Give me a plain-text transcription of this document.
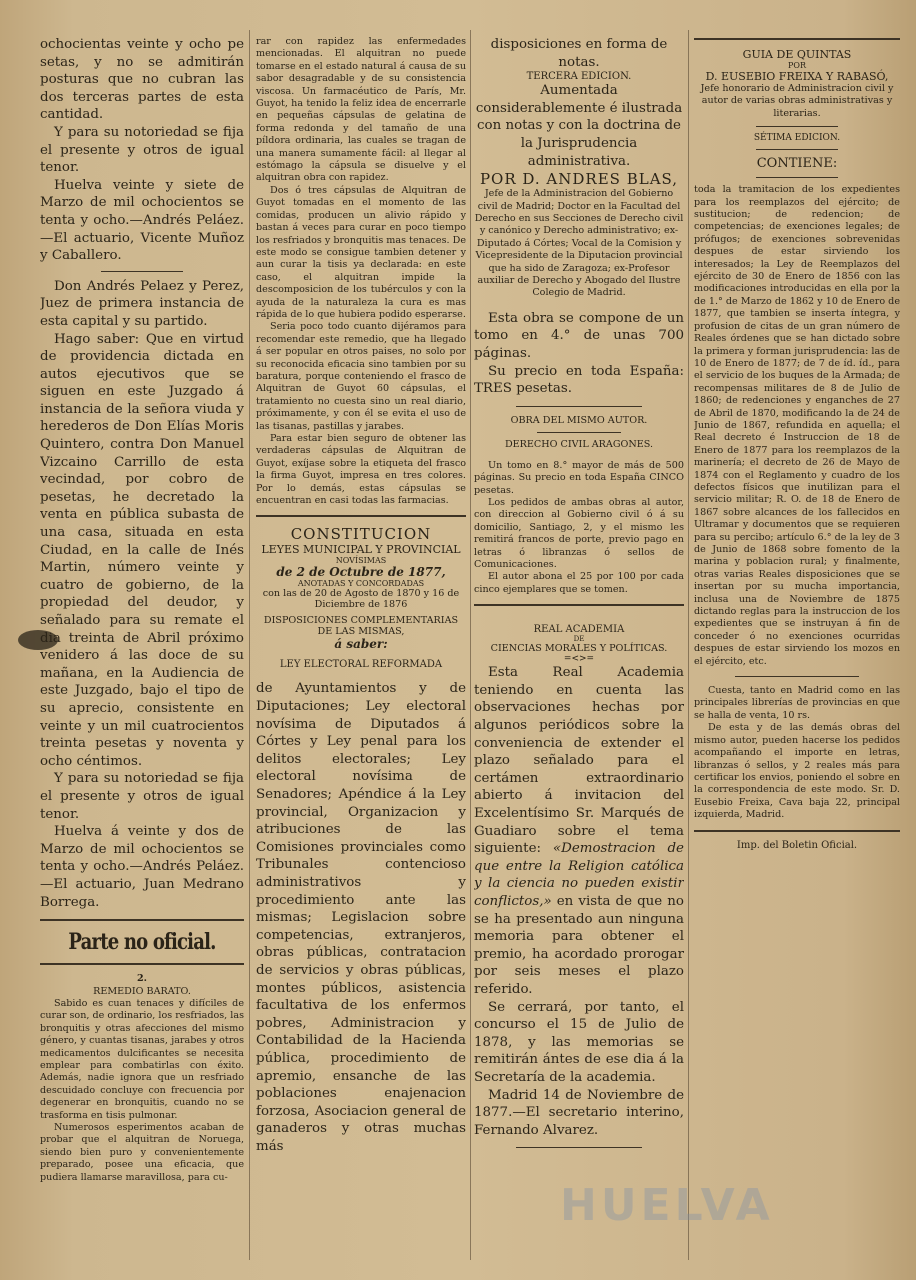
ochocientas veinte y ocho pe setas, y no se admitirán posturas que no cubran las dos terceras partes de esta cantidad.

Y para su notoriedad se fija el presente y otros de igual tenor.

Huelva veinte y siete de Marzo de mil ochocientos se tenta y ocho.—Andrés Peláez.—El actuario, Vicente Muñoz y Caballero.

Don Andrés Pelaez y Perez, Juez de primera instancia de esta capital y su partido.

Hago saber: Que en virtud de providencia dictada en autos ejecutivos que se siguen en este Juzgado á instancia de la señora viuda y herederos de Don Elías Moris Quintero, contra Don Manuel Vizcaino Carrillo de esta vecindad, por cobro de pesetas, he decretado la venta en pública subasta de una casa, situada en esta Ciudad, en la calle de Inés Martin, número veinte y cuatro de gobierno, de la propiedad del deudor, y señalado para su remate el dia treinta de Abril próximo venidero á las doce de su mañana, en la Audiencia de este Juzgado, bajo el tipo de su aprecio, consistente en veinte y un mil cuatrocientos treinta pesetas y noventa y ocho céntimos.

Y para su notoriedad se fija el presente y otros de igual tenor.

Huelva á veinte y dos de Marzo de mil ochocientos se tenta y ocho.—Andrés Peláez.—El actuario, Juan Medrano Borrega.

Parte no oficial.

2.

REMEDIO BARATO.

Sabido es cuan tenaces y difíciles de curar son, de ordinario, los resfriados, las bronquitis y otras afecciones del mismo género, y cuantas tisanas, jarabes y otros medicamentos dulcificantes se necesita emplear para combatirlas con éxito. Además, nadie ignora que un resfriado descuidado concluye con frecuencia por degenerar en bronquitis, cuando no se trasforma en tisis pulmonar.

Numerosos esperimentos acaban de probar que el alquitran de Noruega, siendo bien puro y convenientemente preparado, posee una eficacia, que pudiera llamarse maravillosa, para cu-

rar con rapidez las enfermedades mencionadas. El alquitran no puede tomarse en el estado natural á causa de su sabor desagradable y de su consistencia viscosa. Un farmacéutico de París, Mr. Guyot, ha tenido la feliz idea de encerrarle en pequeñas cápsulas de gelatina de forma redonda y del tamaño de una píldora ordinaria, las cuales se tragan de una manera sumamente fácil: al llegar al estómago la cápsula se disuelve y el alquitran obra con rapidez.

Dos ó tres cápsulas de Alquitran de Guyot tomadas en el momento de las comidas, producen un alivio rápido y bastan á veces para curar en poco tiempo los resfriados y bronquitis mas tenaces. De este modo se consigue tambien detener y aun curar la tisis ya declarada: en este caso, el alquitran impide la descomposicion de los tubérculos y con la ayuda de la naturaleza la cura es mas rápida de lo que hubiera podido esperarse.

Seria poco todo cuanto dijéramos para recomendar este remedio, que ha llegado á ser popular en otros paises, no solo por su reconocida eficacia sino tambien por su baratura, porque conteniendo el frasco de Alquitran de Guyot 60 cápsulas, el tratamiento no cuesta sino un real diario, próximamente, y con él se evita el uso de las tisanas, pastillas y jarabes.

Para estar bien seguro de obtener las verdaderas cápsulas de Alquitran de Guyot, exíjase sobre la etiqueta del frasco la firma Guyot, impresa en tres colores. Por lo demás, estas cápsulas se encuentran en casi todas las farmacias.

CONSTITUCION

LEYES MUNICIPAL Y PROVINCIAL

NOVÍSIMAS

de 2 de Octubre de 1877,

ANOTADAS Y CONCORDADAS

con las de 20 de Agosto de 1870 y 16 de Diciembre de 1876

DISPOSICIONES COMPLEMENTARIAS DE LAS MISMAS,

á saber:

LEY ELECTORAL REFORMADA

de Ayuntamientos y de Diputaciones; Ley electoral novísima de Diputados á Córtes y Ley penal para los delitos electorales; Ley electoral novísima de Senadores; Apéndice á la Ley provincial, Organizacion y atribuciones de las Comisiones provinciales como Tribunales contencioso administrativos y procedimiento ante las mismas; Legislacion sobre competencias, extranjeros, obras públicas, contratacion de servicios y obras públicas, montes públicos, asistencia facultativa de los enfermos pobres, Administracion y Contabilidad de la Hacienda pública, procedimiento de apremio, ensanche de las poblaciones enajenacion forzosa, Asociacion general de ganaderos y otras muchas más

disposiciones en forma de notas.

TERCERA EDICION.

Aumentada considerablemente é ilustrada con notas y con la doctrina de la Jurisprudencia administrativa.

POR D. ANDRES BLAS,

Jefe de la Administracion del Gobierno civil de Madrid; Doctor en la Facultad del Derecho en sus Secciones de Derecho civil y canónico y Derecho administrativo; ex-Diputado á Córtes; Vocal de la Comision y Vicepresidente de la Diputacion provincial que ha sido de Zaragoza; ex-Profesor auxiliar de Derecho y Abogado del Ilustre Colegio de Madrid.

Esta obra se compone de un tomo en 4.° de unas 700 páginas.

Su precio en toda España: TRES pesetas.

OBRA DEL MISMO AUTOR.

DERECHO CIVIL ARAGONES.

Un tomo en 8.° mayor de más de 500 páginas. Su precio en toda España CINCO pesetas.

Los pedidos de ambas obras al autor, con direccion al Gobierno civil ó á su domicilio, Santiago, 2, y el mismo les remitirá francos de porte, previo pago en letras ó libranzas ó sellos de Comunicaciones.

El autor abona el 25 por 100 por cada cinco ejemplares que se tomen.

REAL ACADEMIA

DE

CIENCIAS MORALES Y POLÍTICAS.

=<>=

Esta Real Academia teniendo en cuenta las observaciones hechas por algunos periódicos sobre la conveniencia de extender el plazo señalado para el certámen extraordinario abierto á invitacion del Excelentísimo Sr. Marqués de Guadiaro sobre el tema siguiente: «Demostracion de que entre la Religion católica y la ciencia no pueden existir conflictos,» en vista de que no se ha presentado aun ninguna memoria para obtener el premio, ha acordado prorogar por seis meses el plazo referido.

Se cerrará, por tanto, el concurso el 15 de Julio de 1878, y las memorias se remitirán ántes de ese dia á la Secretaría de la academia.

Madrid 14 de Noviembre de 1877.—El secretario interino, Fernando Alvarez.

GUIA DE QUINTAS

POR

D. EUSEBIO FREIXA Y RABASÓ,

Jefe honorario de Administracion civil y autor de varias obras administrativas y literarias.

SÉTIMA EDICION.

CONTIENE:

toda la tramitacion de los expedientes para los reemplazos del ejército; de sustitucion; de redencion; de competencias; de exenciones legales; de prófugos; de exenciones sobrevenidas despues de estar sirviendo los interesados; la Ley de Reemplazos del ejército de 30 de Enero de 1856 con las modificaciones introducidas en ella por la de 1.° de Marzo de 1862 y 10 de Enero de 1877, que tambien se inserta íntegra, y profusion de citas de un gran número de Reales órdenes que se han dictado sobre la primera y forman jurisprudencia: las de 10 de Enero de 1877; de 7 de íd. íd., para el servicio de los buques de la Armada; de recompensas militares de 8 de Julio de 1860; de redenciones y enganches de 27 de Abril de 1870, modificando la de 24 de Junio de 1867, refundida en aquella; el Real decreto é Instruccion de 18 de Enero de 1877 para los reemplazos de la marinería; el decreto de 26 de Mayo de 1874 con el Reglamento y cuadro de los defectos físicos que inutilizan para el servicio militar; R. O. de 18 de Enero de 1867 sobre alcances de los fallecidos en Ultramar y documentos que se requieren para su percibo; artículo 6.° de la ley de 3 de Junio de 1868 sobre fomento de la marina y poblacion rural; y finalmente, otras varias Reales disposiciones que se insertan por su mucha importancia, inclusa una de Noviembre de 1875 dictando reglas para la instruccion de los expedientes que se instruyan á fin de conceder ó no exenciones ocurridas despues de estar sirviendo los mozos en el ejército, etc.

Cuesta, tanto en Madrid como en las principales librerías de provincias en que se halla de venta, 10 rs.

De esta y de las demás obras del mismo autor, pueden hacerse los pedidos acompañando el importe en letras, libranzas ó sellos, y 2 reales más para certificar los envios, poniendo el sobre en la correspondencia de este modo. Sr. D. Eusebio Freixa, Cava baja 22, principal izquierda, Madrid.

Imp. del Boletin Oficial.

HUELVA
